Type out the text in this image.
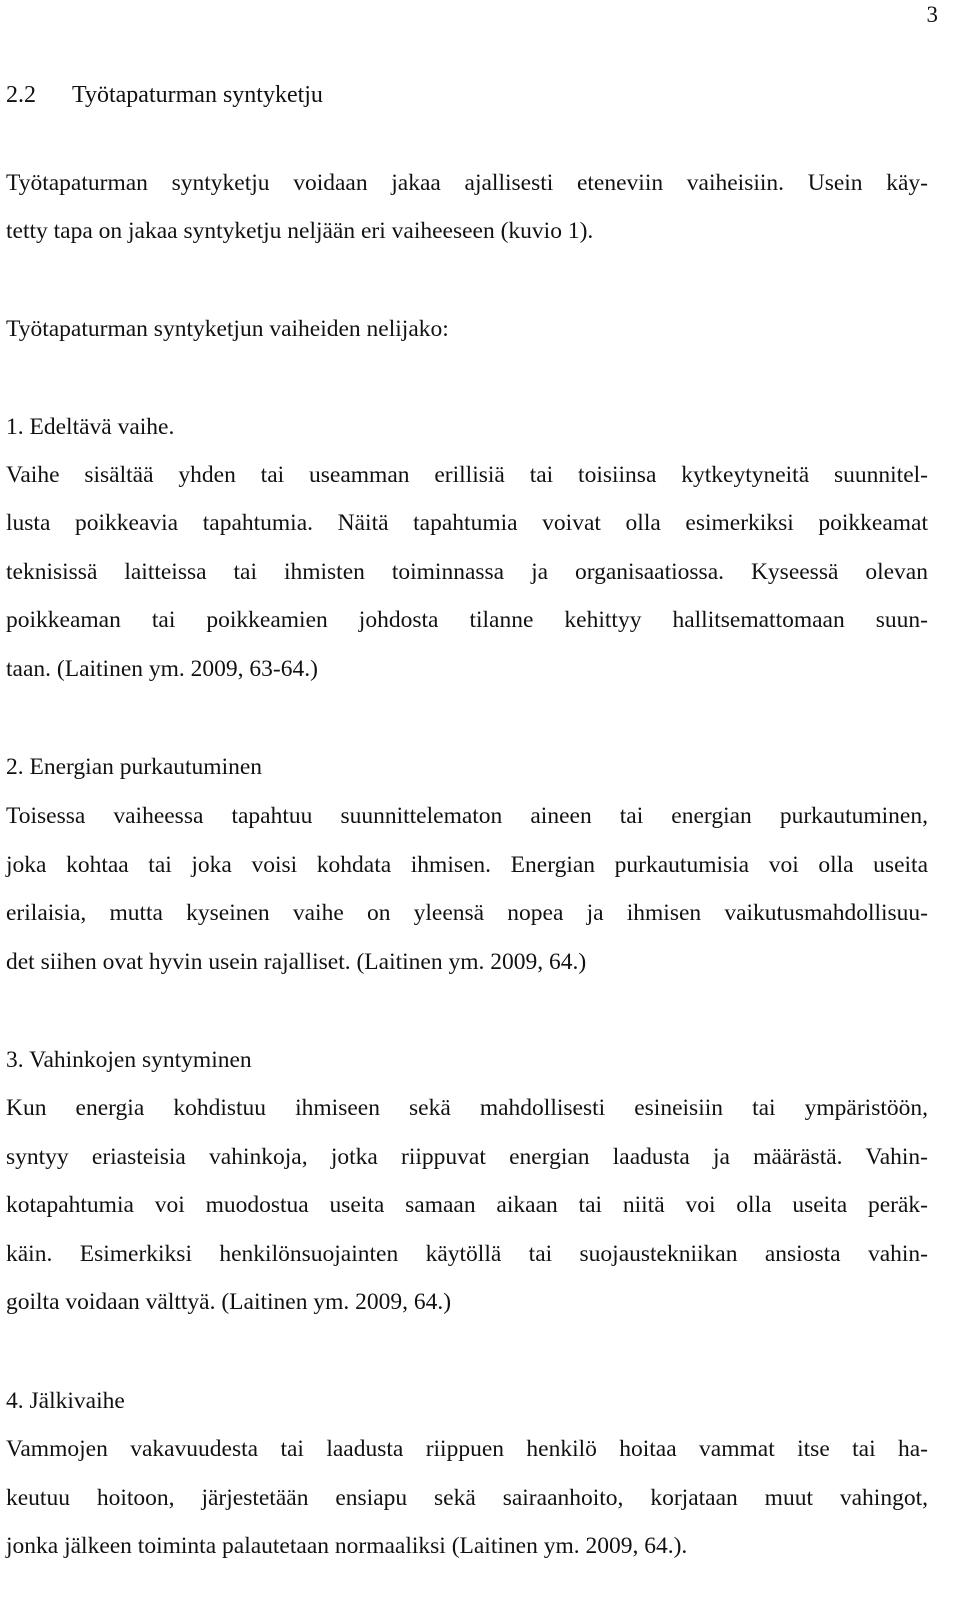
3
2.2 Työtapaturman syntyketju
Työtapaturman syntyketju voidaan jakaa ajallisesti eteneviin vaiheisiin. Usein käy-
tetty tapa on jakaa syntyketju neljään eri vaiheeseen (kuvio 1).
Työtapaturman syntyketjun vaiheiden nelijako:
1. Edeltävä vaihe.
Vaihe sisältää yhden tai useamman erillisiä tai toisiinsa kytkeytyneitä suunnitel-
lusta poikkeavia tapahtumia. Näitä tapahtumia voivat olla esimerkiksi poikkeamat
teknisissä laitteissa tai ihmisten toiminnassa ja organisaatiossa. Kyseessä olevan
poikkeaman tai poikkeamien johdosta tilanne kehittyy hallitsemattomaan suun-
taan. (Laitinen ym. 2009, 63-64.)
2. Energian purkautuminen
Toisessa vaiheessa tapahtuu suunnittelematon aineen tai energian purkautuminen,
joka kohtaa tai joka voisi kohdata ihmisen. Energian purkautumisia voi olla useita
erilaisia, mutta kyseinen vaihe on yleensä nopea ja ihmisen vaikutusmahdollisuu-
det siihen ovat hyvin usein rajalliset. (Laitinen ym. 2009, 64.)
3. Vahinkojen syntyminen
Kun energia kohdistuu ihmiseen sekä mahdollisesti esineisiin tai ympäristöön,
syntyy eriasteisia vahinkoja, jotka riippuvat energian laadusta ja määrästä. Vahin-
kotapahtumia voi muodostua useita samaan aikaan tai niitä voi olla useita peräk-
käin. Esimerkiksi henkilönsuojainten käytöllä tai suojaustekniikan ansiosta vahin-
goilta voidaan välttyä. (Laitinen ym. 2009, 64.)
4. Jälkivaihe
Vammojen vakavuudesta tai laadusta riippuen henkilö hoitaa vammat itse tai ha-
keutuu hoitoon, järjestetään ensiapu sekä sairaanhoito, korjataan muut vahingot,
jonka jälkeen toiminta palautetaan normaaliksi (Laitinen ym. 2009, 64.).
